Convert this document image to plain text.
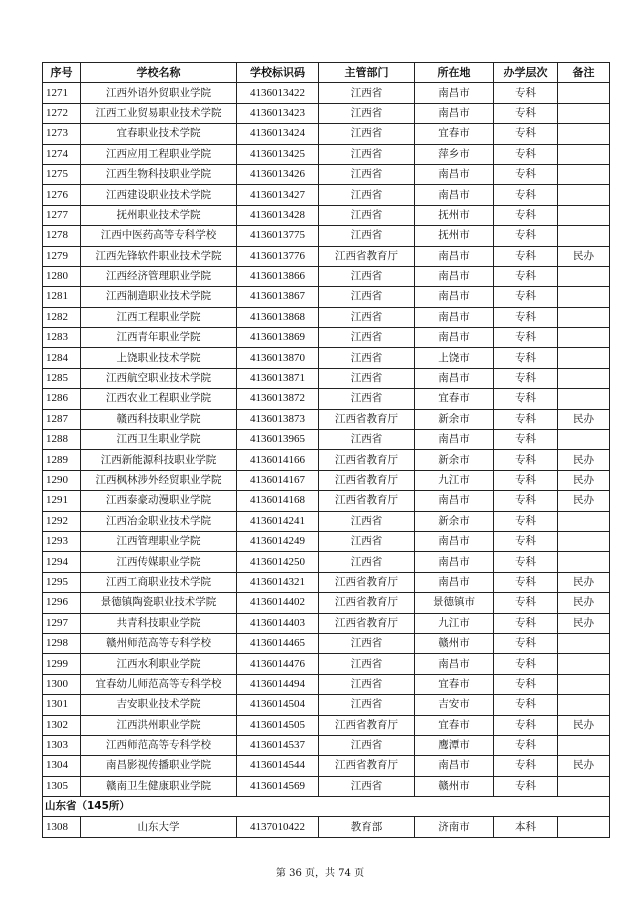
序号	学校名称	学校标识码	主管部门	所在地	办学层次	备注
1271	江西外语外贸职业学院	4136013422	江西省	南昌市	专科	
1272	江西工业贸易职业技术学院	4136013423	江西省	南昌市	专科	
1273	宜春职业技术学院	4136013424	江西省	宜春市	专科	
1274	江西应用工程职业学院	4136013425	江西省	萍乡市	专科	
1275	江西生物科技职业学院	4136013426	江西省	南昌市	专科	
1276	江西建设职业技术学院	4136013427	江西省	南昌市	专科	
1277	抚州职业技术学院	4136013428	江西省	抚州市	专科	
1278	江西中医药高等专科学校	4136013775	江西省	抚州市	专科	
1279	江西先锋软件职业技术学院	4136013776	江西省教育厅	南昌市	专科	民办
1280	江西经济管理职业学院	4136013866	江西省	南昌市	专科	
1281	江西制造职业技术学院	4136013867	江西省	南昌市	专科	
1282	江西工程职业学院	4136013868	江西省	南昌市	专科	
1283	江西青年职业学院	4136013869	江西省	南昌市	专科	
1284	上饶职业技术学院	4136013870	江西省	上饶市	专科	
1285	江西航空职业技术学院	4136013871	江西省	南昌市	专科	
1286	江西农业工程职业学院	4136013872	江西省	宜春市	专科	
1287	赣西科技职业学院	4136013873	江西省教育厅	新余市	专科	民办
1288	江西卫生职业学院	4136013965	江西省	南昌市	专科	
1289	江西新能源科技职业学院	4136014166	江西省教育厅	新余市	专科	民办
1290	江西枫林涉外经贸职业学院	4136014167	江西省教育厅	九江市	专科	民办
1291	江西泰豪动漫职业学院	4136014168	江西省教育厅	南昌市	专科	民办
1292	江西冶金职业技术学院	4136014241	江西省	新余市	专科	
1293	江西管理职业学院	4136014249	江西省	南昌市	专科	
1294	江西传媒职业学院	4136014250	江西省	南昌市	专科	
1295	江西工商职业技术学院	4136014321	江西省教育厅	南昌市	专科	民办
1296	景德镇陶瓷职业技术学院	4136014402	江西省教育厅	景德镇市	专科	民办
1297	共青科技职业学院	4136014403	江西省教育厅	九江市	专科	民办
1298	赣州师范高等专科学校	4136014465	江西省	赣州市	专科	
1299	江西水利职业学院	4136014476	江西省	南昌市	专科	
1300	宜春幼儿师范高等专科学校	4136014494	江西省	宜春市	专科	
1301	吉安职业技术学院	4136014504	江西省	吉安市	专科	
1302	江西洪州职业学院	4136014505	江西省教育厅	宜春市	专科	民办
1303	江西师范高等专科学校	4136014537	江西省	鹰潭市	专科	
1304	南昌影视传播职业学院	4136014544	江西省教育厅	南昌市	专科	民办
1305	赣南卫生健康职业学院	4136014569	江西省	赣州市	专科	
山东省（145所）						
1308	山东大学	4137010422	教育部	济南市	本科	
第 36 页，共 74 页
